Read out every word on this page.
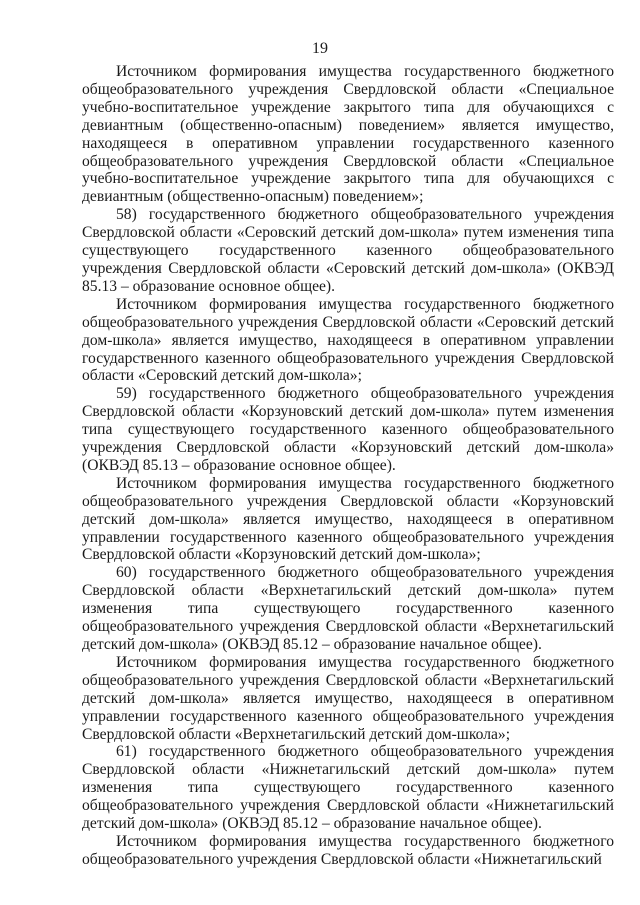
19

Источником формирования имущества государственного бюджетного общеобразовательного учреждения Свердловской области «Специальное учебно-воспитательное учреждение закрытого типа для обучающихся с девиантным (общественно-опасным) поведением» является имущество, находящееся в оперативном управлении государственного казенного общеобразовательного учреждения Свердловской области «Специальное учебно-воспитательное учреждение закрытого типа для обучающихся с девиантным (общественно-опасным) поведением»;

58) государственного бюджетного общеобразовательного учреждения Свердловской области «Серовский детский дом-школа» путем изменения типа существующего государственного казенного общеобразовательного учреждения Свердловской области «Серовский детский дом-школа» (ОКВЭД 85.13 – образование основное общее).

Источником формирования имущества государственного бюджетного общеобразовательного учреждения Свердловской области «Серовский детский дом-школа» является имущество, находящееся в оперативном управлении государственного казенного общеобразовательного учреждения Свердловской области «Серовский детский дом-школа»;

59) государственного бюджетного общеобразовательного учреждения Свердловской области «Корзуновский детский дом-школа» путем изменения типа существующего государственного казенного общеобразовательного учреждения Свердловской области «Корзуновский детский дом-школа» (ОКВЭД 85.13 – образование основное общее).

Источником формирования имущества государственного бюджетного общеобразовательного учреждения Свердловской области «Корзуновский детский дом-школа» является имущество, находящееся в оперативном управлении государственного казенного общеобразовательного учреждения Свердловской области «Корзуновский детский дом-школа»;

60) государственного бюджетного общеобразовательного учреждения Свердловской области «Верхнетагильский детский дом-школа» путем изменения типа существующего государственного казенного общеобразовательного учреждения Свердловской области «Верхнетагильский детский дом-школа» (ОКВЭД 85.12 – образование начальное общее).

Источником формирования имущества государственного бюджетного общеобразовательного учреждения Свердловской области «Верхнетагильский детский дом-школа» является имущество, находящееся в оперативном управлении государственного казенного общеобразовательного учреждения Свердловской области «Верхнетагильский детский дом-школа»;

61) государственного бюджетного общеобразовательного учреждения Свердловской области «Нижнетагильский детский дом-школа» путем изменения типа существующего государственного казенного общеобразовательного учреждения Свердловской области «Нижнетагильский детский дом-школа» (ОКВЭД 85.12 – образование начальное общее).

Источником формирования имущества государственного бюджетного общеобразовательного учреждения Свердловской области «Нижнетагильский
